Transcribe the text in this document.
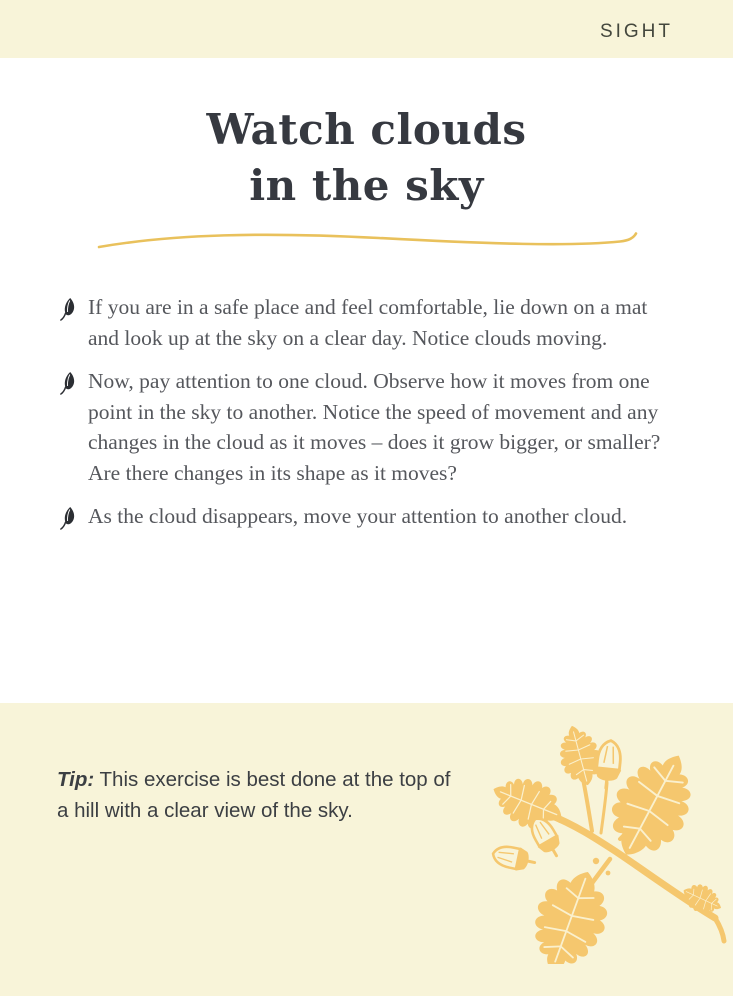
SIGHT
Watch clouds
in the sky
If you are in a safe place and feel comfortable, lie down on a mat and look up at the sky on a clear day. Notice clouds moving.
Now, pay attention to one cloud. Observe how it moves from one point in the sky to another. Notice the speed of movement and any changes in the cloud as it moves – does it grow bigger, or smaller? Are there changes in its shape as it moves?
As the cloud disappears, move your attention to another cloud.

Tip: This exercise is best done at the top of a hill with a clear view of the sky.
